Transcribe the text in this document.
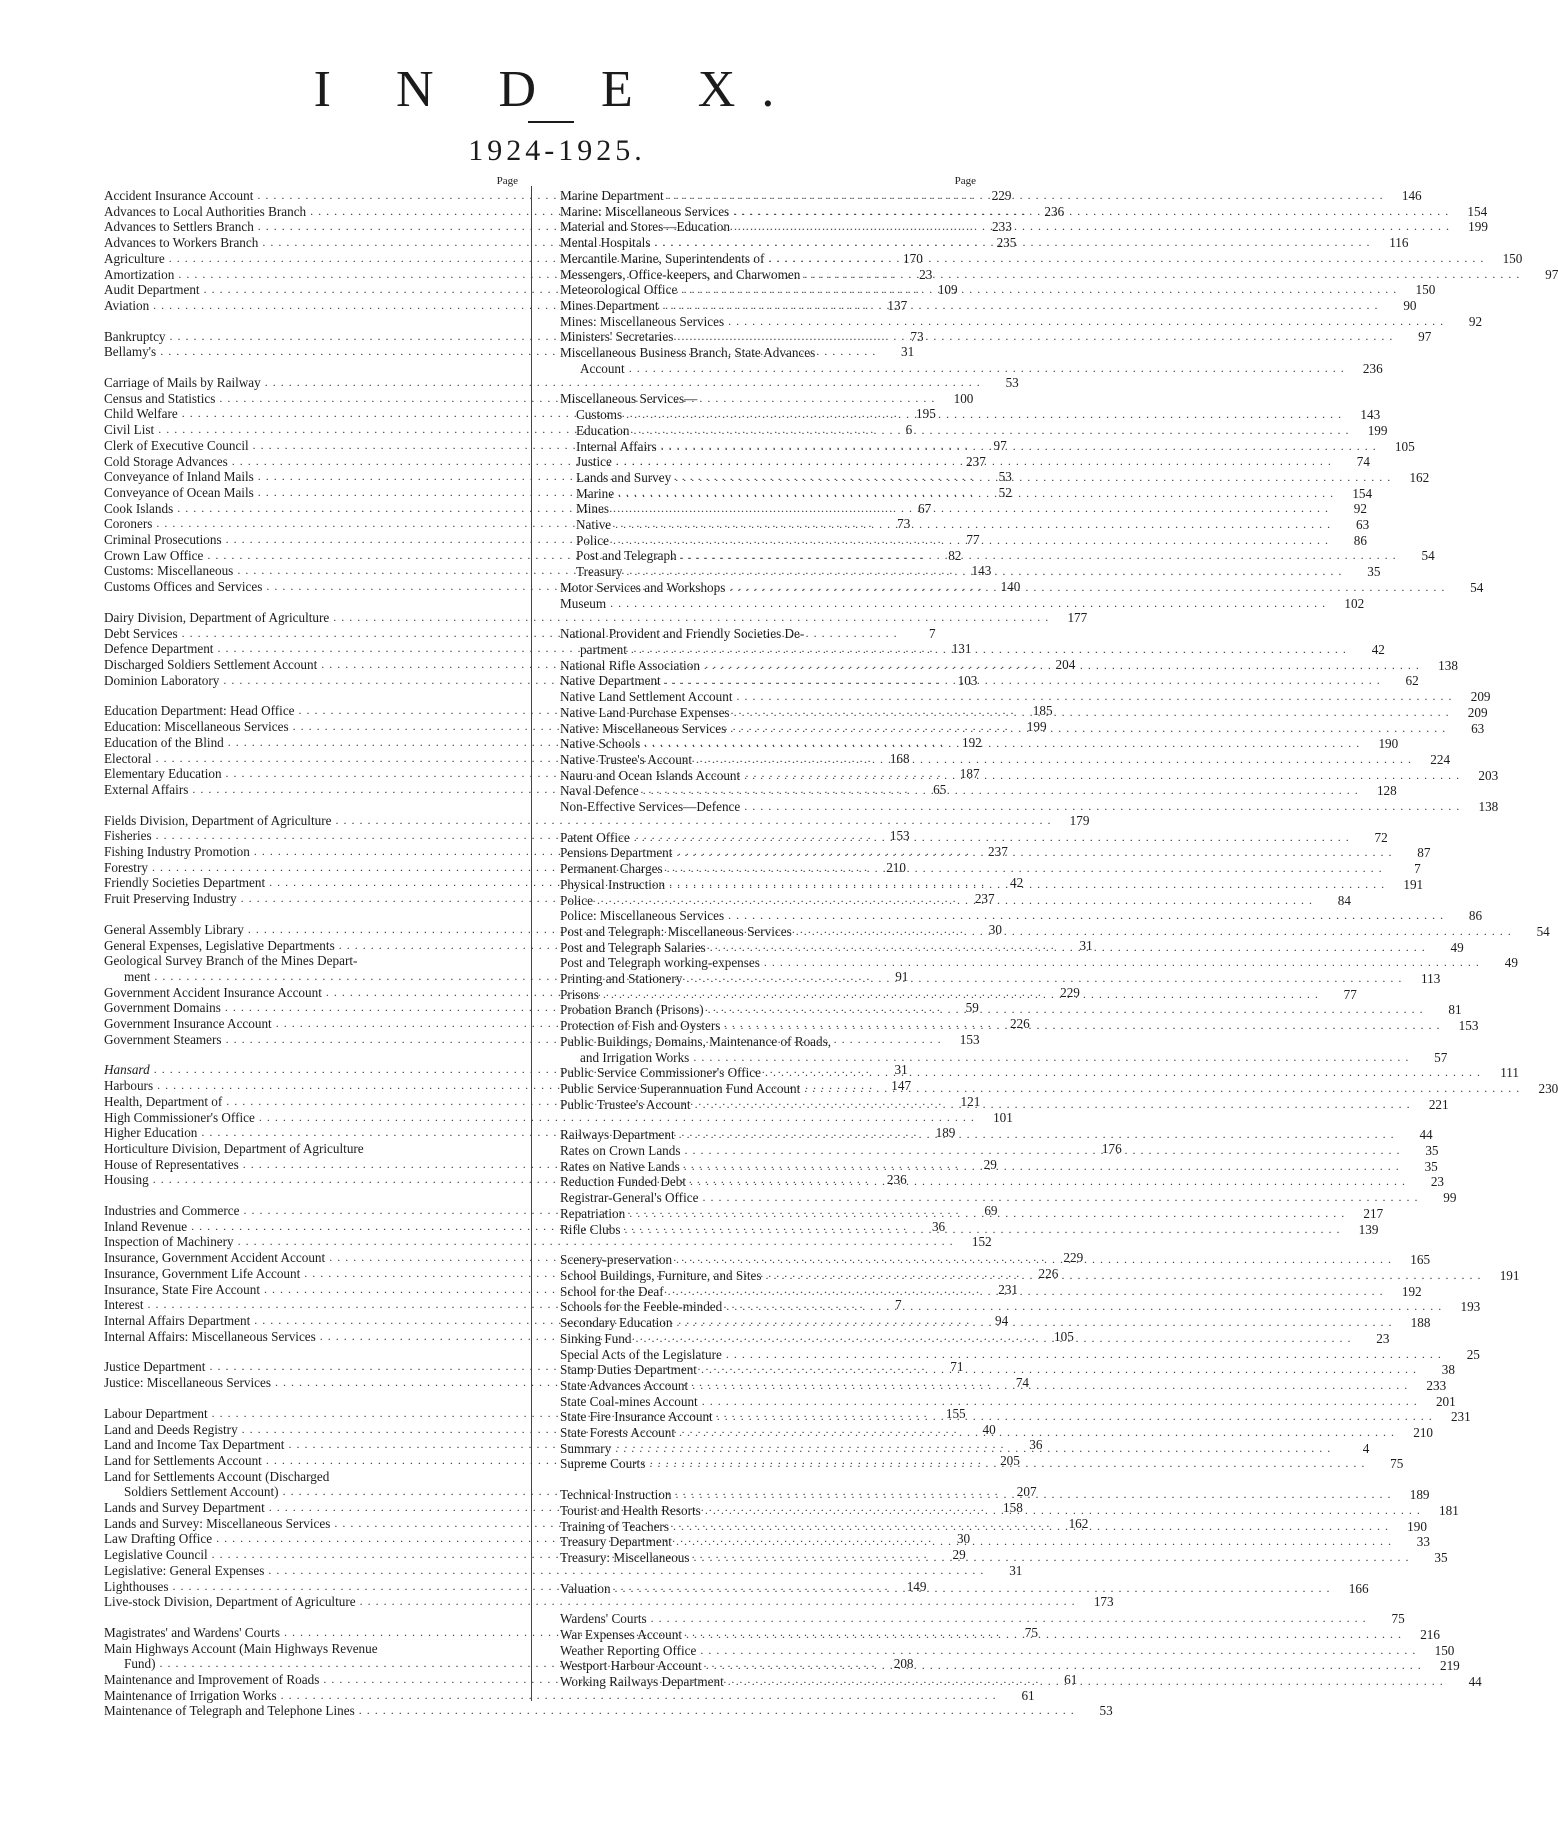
I N D E X.
1924-1925.
Page
Accident Insurance Account . . .	229
Advances to Local Authorities Branch . . .	236
Advances to Settlers Branch . . .	233
Advances to Workers Branch . . .	235
Agriculture . . .	170
Amortization . . .	23
Audit Department . . .	109
Aviation . . .	137
Bankruptcy . . .	73
Bellamy's . . .	31
Carriage of Mails by Railway . . .	53
Census and Statistics . . .	100
Child Welfare . . .	195
Civil List . . .	6
Clerk of Executive Council . . .	97
Cold Storage Advances . . .	237
Conveyance of Inland Mails . . .	53
Conveyance of Ocean Mails . . .	52
Cook Islands . . .	67
Coroners . . .	73
Criminal Prosecutions . . .	77
Crown Law Office . . .	82
Customs: Miscellaneous . . .	143
Customs Offices and Services . . .	140
Dairy Division, Department of Agriculture . . .	177
Debt Services . . .	7
Defence Department . . .	131
Discharged Soldiers Settlement Account . . .	204
Dominion Laboratory . . .	103
Education Department: Head Office . . .	185
Education: Miscellaneous Services . . .	199
Education of the Blind . . .	192
Electoral . . .	168
Elementary Education . . .	187
External Affairs . . .	65
Fields Division, Department of Agriculture . . .	179
Fisheries . . .	153
Fishing Industry Promotion . . .	237
Forestry . . .	210
Friendly Societies Department . . .	42
Fruit Preserving Industry . . .	237
General Assembly Library . . .	30
General Expenses, Legislative Departments . . .	31
Geological Survey Branch of the Mines Depart-
ment . . .	91
Government Accident Insurance Account . . .	229
Government Domains . . .	59
Government Insurance Account . . .	226
Government Steamers . . .	153
Hansard . . .	31
Harbours . . .	147
Health, Department of . . .	121
High Commissioner's Office . . .	101
Higher Education . . .	189
Horticulture Division, Department of Agriculture	176
House of Representatives . . .	29
Housing . . .	236
Industries and Commerce . . .	69
Inland Revenue . . .	36
Inspection of Machinery . . .	152
Insurance, Government Accident Account . . .	229
Insurance, Government Life Account . . .	226
Insurance, State Fire Account . . .	231
Interest . . .	7
Internal Affairs Department . . .	94
Internal Affairs: Miscellaneous Services . . .	105
Justice Department . . .	71
Justice: Miscellaneous Services . . .	74
Labour Department . . .	155
Land and Deeds Registry . . .	40
Land and Income Tax Department . . .	36
Land for Settlements Account . . .	205
Land for Settlements Account (Discharged
Soldiers Settlement Account) . . .	207
Lands and Survey Department . . .	158
Lands and Survey: Miscellaneous Services . . .	162
Law Drafting Office . . .	30
Legislative Council . . .	29
Legislative: General Expenses . . .	31
Lighthouses . . .	149
Live-stock Division, Department of Agriculture . . .	173
Magistrates' and Wardens' Courts . . .	75
Main Highways Account (Main Highways Revenue
Fund) . . .	208
Maintenance and Improvement of Roads . . .	61
Maintenance of Irrigation Works . . .	61
Maintenance of Telegraph and Telephone Lines . . .	53
Page
Marine Department . . .	146
Marine: Miscellaneous Services . . .	154
Material and Stores—Education . . .	199
Mental Hospitals . . .	116
Mercantile Marine, Superintendents of . . .	150
Messengers, Office-keepers, and Charwomen . . .	97
Meteorological Office . . .	150
Mines Department . . .	90
Mines: Miscellaneous Services . . .	92
Ministers' Secretaries . . .	97
Miscellaneous Business Branch, State Advances
Account . . .	236
Miscellaneous Services—
Customs . . .	143
Education . . .	199
Internal Affairs . . .	105
Justice . . .	74
Lands and Survey . . .	162
Marine . . .	154
Mines . . .	92
Native . . .	63
Police . . .	86
Post and Telegraph . . .	54
Treasury . . .	35
Motor Services and Workshops . . .	54
Museum . . .	102
National Provident and Friendly Societies De-
partment . . .	42
National Rifle Association . . .	138
Native Department . . .	62
Native Land Settlement Account . . .	209
Native Land Purchase Expenses . . .	209
Native: Miscellaneous Services . . .	63
Native Schools . . .	190
Native Trustee's Account . . .	224
Nauru and Ocean Islands Account . . .	203
Naval Defence . . .	128
Non-Effective Services—Defence . . .	138
Patent Office . . .	72
Pensions Department . . .	87
Permanent Charges . . .	7
Physical Instruction . . .	191
Police . . .	84
Police: Miscellaneous Services . . .	86
Post and Telegraph: Miscellaneous Services . . .	54
Post and Telegraph Salaries . . .	49
Post and Telegraph working-expenses . . .	49
Printing and Stationery . . .	113
Prisons . . .	77
Probation Branch (Prisons) . . .	81
Protection of Fish and Oysters . . .	153
Public Buildings, Domains, Maintenance of Roads,
and Irrigation Works . . .	57
Public Service Commissioner's Office . . .	111
Public Service Superannuation Fund Account . . .	230
Public Trustee's Account . . .	221
Railways Department . . .	44
Rates on Crown Lands . . .	35
Rates on Native Lands . . .	35
Reduction Funded Debt . . .	23
Registrar-General's Office . . .	99
Repatriation . . .	217
Rifle Clubs . . .	139
Scenery-preservation . . .	165
School Buildings, Furniture, and Sites . . .	191
School for the Deaf . . .	192
Schools for the Feeble-minded . . .	193
Secondary Education . . .	188
Sinking Fund . . .	23
Special Acts of the Legislature . . .	25
Stamp Duties Department . . .	38
State Advances Account . . .	233
State Coal-mines Account . . .	201
State Fire Insurance Account . . .	231
State Forests Account . . .	210
Summary . . .	4
Supreme Courts . . .	75
Technical Instruction . . .	189
Tourist and Health Resorts . . .	181
Training of Teachers . . .	190
Treasury Department . . .	33
Treasury: Miscellaneous . . .	35
Valuation . . .	166
Wardens' Courts . . .	75
War Expenses Account . . .	216
Weather Reporting Office . . .	150
Westport Harbour Account . . .	219
Working Railways Department . . .	44
